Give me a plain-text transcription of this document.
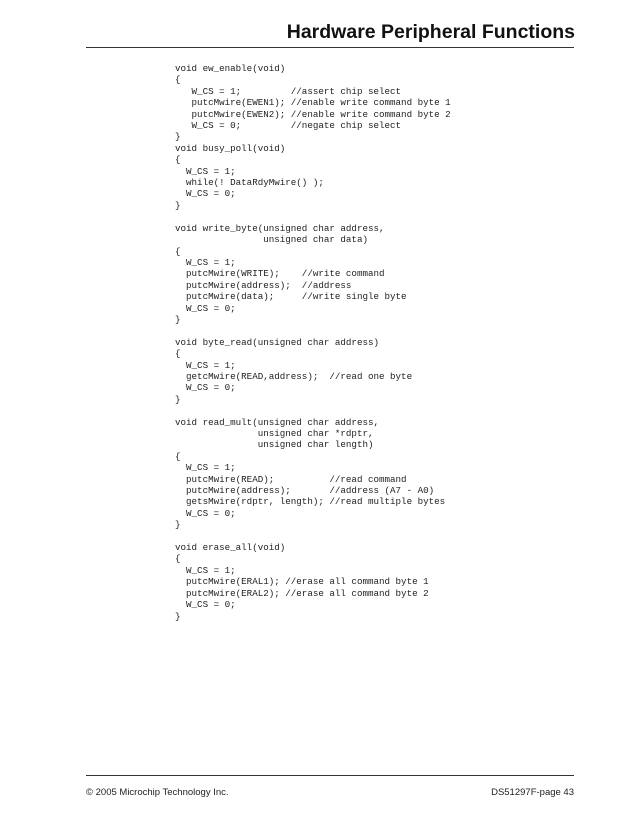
Hardware Peripheral Functions
void ew_enable(void)
{
W_CS = 1;         //assert chip select
putcMwire(EWEN1); //enable write command byte 1
putcMwire(EWEN2); //enable write command byte 2
W_CS = 0;         //negate chip select
}
void busy_poll(void)
{
W_CS = 1;
while(! DataRdyMwire() );
W_CS = 0;
}
void write_byte(unsigned char address,
unsigned char data)
{
W_CS = 1;
putcMwire(WRITE);    //write command
putcMwire(address);  //address
putcMwire(data);     //write single byte
W_CS = 0;
}
void byte_read(unsigned char address)
{
W_CS = 1;
getcMwire(READ,address);  //read one byte
W_CS = 0;
}
void read_mult(unsigned char address,
unsigned char *rdptr,
unsigned char length)
{
W_CS = 1;
putcMwire(READ);          //read command
putcMwire(address);       //address (A7 - A0)
getsMwire(rdptr, length); //read multiple bytes
W_CS = 0;
}
void erase_all(void)
{
W_CS = 1;
putcMwire(ERAL1); //erase all command byte 1
putcMwire(ERAL2); //erase all command byte 2
W_CS = 0;
}
© 2005 Microchip Technology Inc.	DS51297F-page 43
